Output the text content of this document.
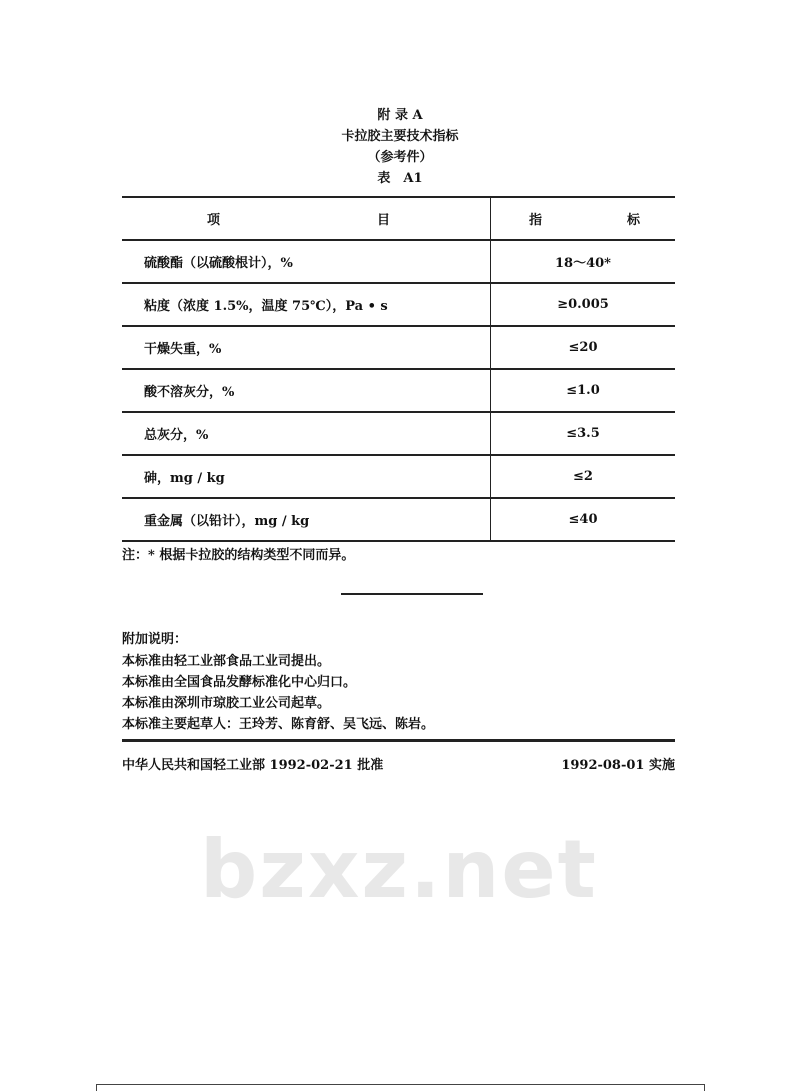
附 录 A
卡拉胶主要技术指标
（参考件）
表　A1
项 目	指 标

硫酸酯（以硫酸根计），%	18～40*
粘度（浓度 1.5%，温度 75℃），Pa • s	≥0.005
干燥失重，%	≤20
酸不溶灰分，%	≤1.0
总灰分，%	≤3.5
砷，mg / kg	≤2
重金属（以铅计），mg / kg	≤40
注：* 根据卡拉胶的结构类型不同而异。
附加说明：
本标准由轻工业部食品工业司提出。
本标准由全国食品发酵标准化中心归口。
本标准由深圳市琼胶工业公司起草。
本标准主要起草人：王玲芳、陈育舒、吴飞远、陈岩。
中华人民共和国轻工业部 1992-02-21 批准	1992-08-01 实施
bzxz.net
